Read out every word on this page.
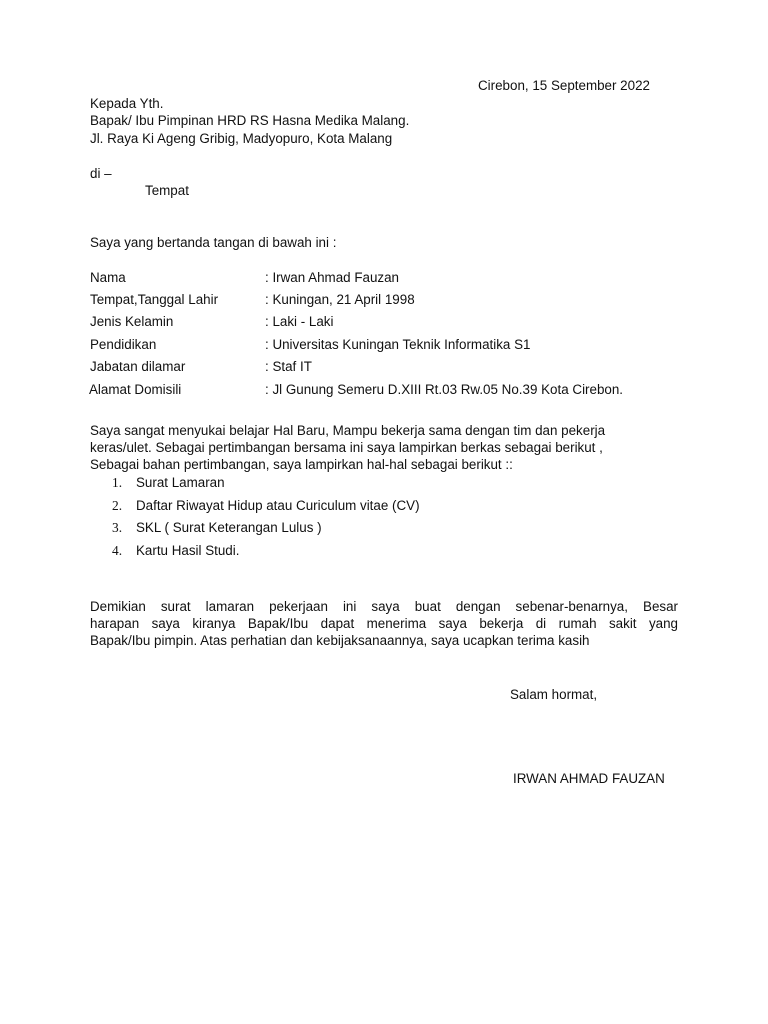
Cirebon, 15 September 2022
Kepada Yth.
Bapak/ Ibu Pimpinan HRD RS Hasna Medika Malang.
Jl. Raya Ki Ageng Gribig, Madyopuro, Kota Malang
di –
Tempat
Saya yang bertanda tangan di bawah ini :
Nama	: Irwan Ahmad Fauzan
Tempat,Tanggal Lahir	: Kuningan, 21 April 1998
Jenis Kelamin	: Laki - Laki
Pendidikan	: Universitas Kuningan Teknik Informatika S1
Jabatan dilamar	: Staf IT
Alamat Domisili	: Jl Gunung Semeru D.XIII Rt.03 Rw.05 No.39 Kota Cirebon.
Saya sangat menyukai belajar Hal Baru, Mampu bekerja sama dengan tim dan pekerja
keras/ulet. Sebagai pertimbangan bersama ini saya lampirkan berkas sebagai berikut ,
Sebagai bahan pertimbangan, saya lampirkan hal-hal sebagai berikut ::
1. Surat Lamaran
2. Daftar Riwayat Hidup atau Curiculum vitae (CV)
3. SKL ( Surat Keterangan Lulus )
4. Kartu Hasil Studi.
Demikian surat lamaran pekerjaan ini saya buat dengan sebenar-benarnya, Besar
harapan saya kiranya Bapak/Ibu dapat menerima saya bekerja di rumah sakit yang
Bapak/Ibu pimpin. Atas perhatian dan kebijaksanaannya, saya ucapkan terima kasih
Salam hormat,
IRWAN AHMAD FAUZAN
